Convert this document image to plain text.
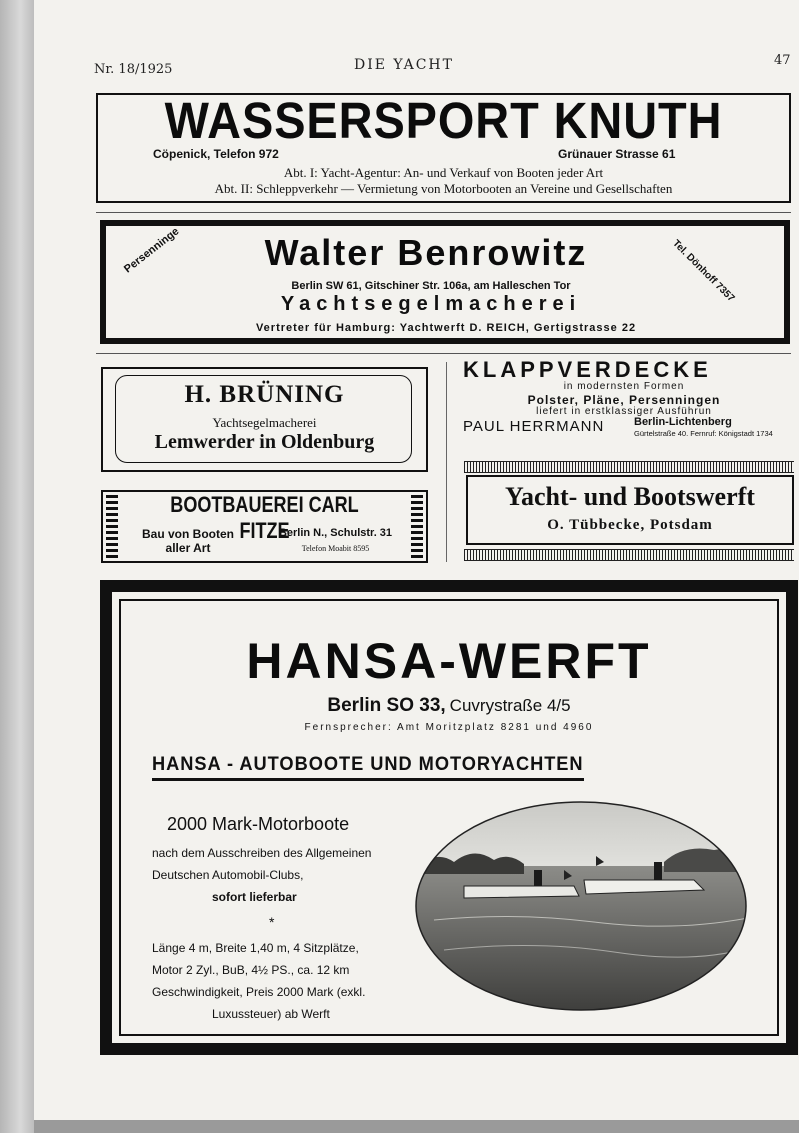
Nr. 18/1925	DIE YACHT	47
WASSERSPORT KNUTH
Cöpenick, Telefon 972	Grünauer Strasse 61
Abt. I: Yacht-Agentur: An- und Verkauf von Booten jeder Art
Abt. II: Schleppverkehr — Vermietung von Motorbooten an Vereine und Gesellschaften
Walter Benrowitz
Persenninge	Tel. Dönhoff 7357
Berlin SW 61, Gitschiner Str. 106a, am Halleschen Tor
Yachtsegelmacherei
Vertreter für Hamburg: Yachtwerft D. REICH, Gertigstrasse 22
H. BRÜNING
Yachtsegelmacherei
Lemwerder in Oldenburg
KLAPPVERDECKE
in modernsten Formen
Polster, Pläne, Persenningen
liefert in erstklassiger Ausführun
PAUL HERRMANN	Berlin-Lichtenberg
Gürtelstraße 40. Fernruf: Königstadt 1734
BOOTBAUEREI CARL FITZE
Bau von Booten
aller Art
Berlin N., Schulstr. 31
Telefon Moabit 8595
Yacht- und Bootswerft
O. Tübbecke, Potsdam
HANSA-WERFT
Berlin SO 33, Cuvrystraße 4/5
Fernsprecher: Amt Moritzplatz 8281 und 4960
HANSA - AUTOBOOTE UND MOTORYACHTEN
2000 Mark-Motorboote
nach dem Ausschreiben des Allgemeinen
Deutschen Automobil-Clubs,
sofort lieferbar
*
Länge 4 m, Breite 1,40 m, 4 Sitzplätze,
Motor 2 Zyl., BuB, 4½ PS., ca. 12 km
Geschwindigkeit, Preis 2000 Mark (exkl.
Luxussteuer) ab Werft
